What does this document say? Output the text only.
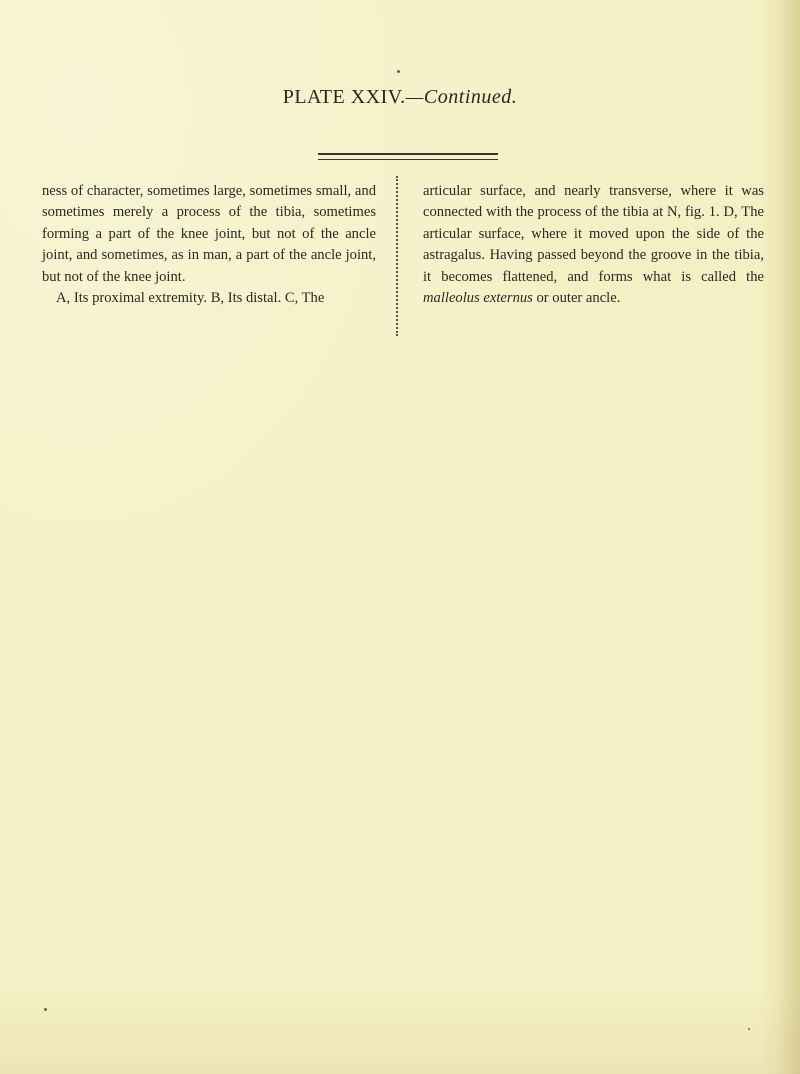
PLATE XXIV.—Continued.

ness of character, sometimes large, sometimes small, and sometimes merely a process of the tibia, sometimes forming a part of the knee joint, but not of the ancle joint, and sometimes, as in man, a part of the ancle joint, but not of the knee joint.

A, Its proximal extremity. B, Its distal. C, The

articular surface, and nearly transverse, where it was connected with the process of the tibia at N, fig. 1. D, The articular surface, where it moved upon the side of the astragalus. Having passed beyond the groove in the tibia, it becomes flattened, and forms what is called the malleolus externus or outer ancle.
